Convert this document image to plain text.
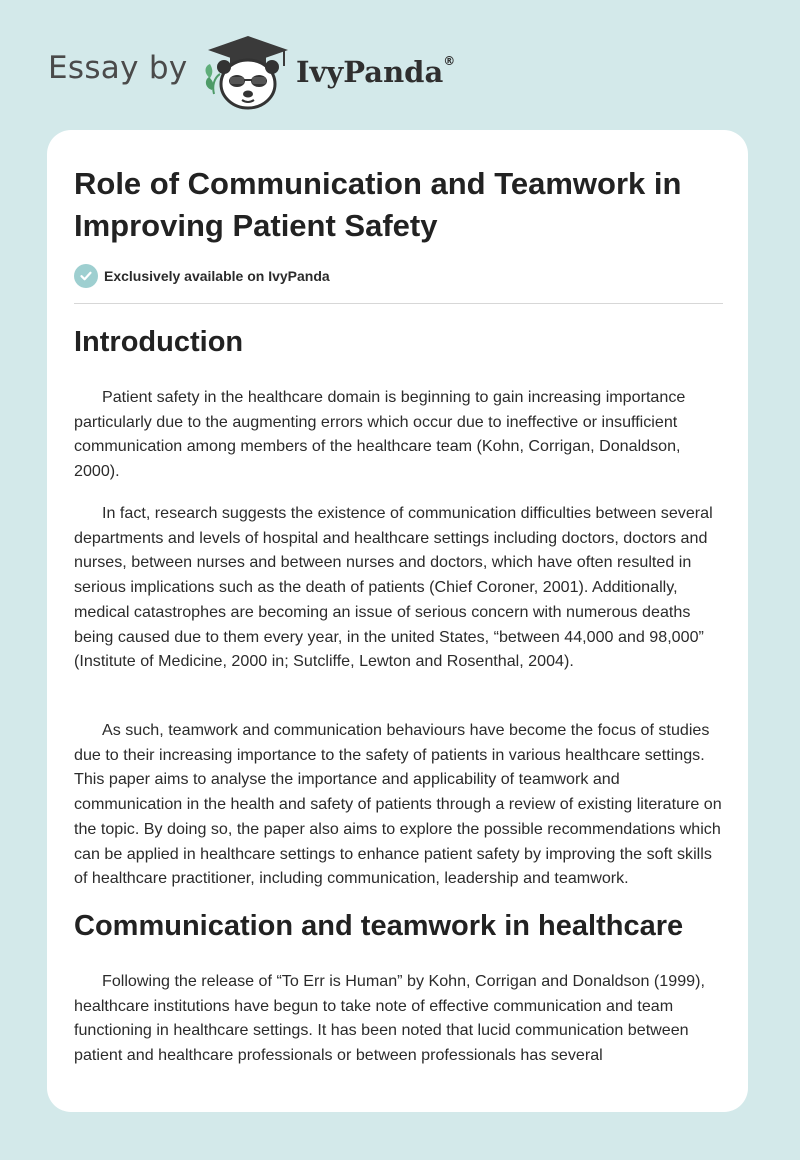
Essay by	IvyPanda®
Role of Communication and Teamwork in Improving Patient Safety
Exclusively available on IvyPanda
Introduction

Patient safety in the healthcare domain is beginning to gain increasing importance particularly due to the augmenting errors which occur due to ineffective or insufficient communication among members of the healthcare team (Kohn, Corrigan, Donaldson, 2000).

In fact, research suggests the existence of communication difficulties between several departments and levels of hospital and healthcare settings including doctors, doctors and nurses, between nurses and between nurses and doctors, which have often resulted in serious implications such as the death of patients (Chief Coroner, 2001). Additionally, medical catastrophes are becoming an issue of serious concern with numerous deaths being caused due to them every year, in the united States, “between 44,000 and 98,000” (Institute of Medicine, 2000 in; Sutcliffe, Lewton and Rosenthal, 2004).

As such, teamwork and communication behaviours have become the focus of studies due to their increasing importance to the safety of patients in various healthcare settings. This paper aims to analyse the importance and applicability of teamwork and communication in the health and safety of patients through a review of existing literature on the topic. By doing so, the paper also aims to explore the possible recommendations which can be applied in healthcare settings to enhance patient safety by improving the soft skills of healthcare practitioner, including communication, leadership and teamwork.

Communication and teamwork in healthcare

Following the release of “To Err is Human” by Kohn, Corrigan and Donaldson (1999), healthcare institutions have begun to take note of effective communication and team functioning in healthcare settings. It has been noted that lucid communication between patient and healthcare professionals or between professionals has several
